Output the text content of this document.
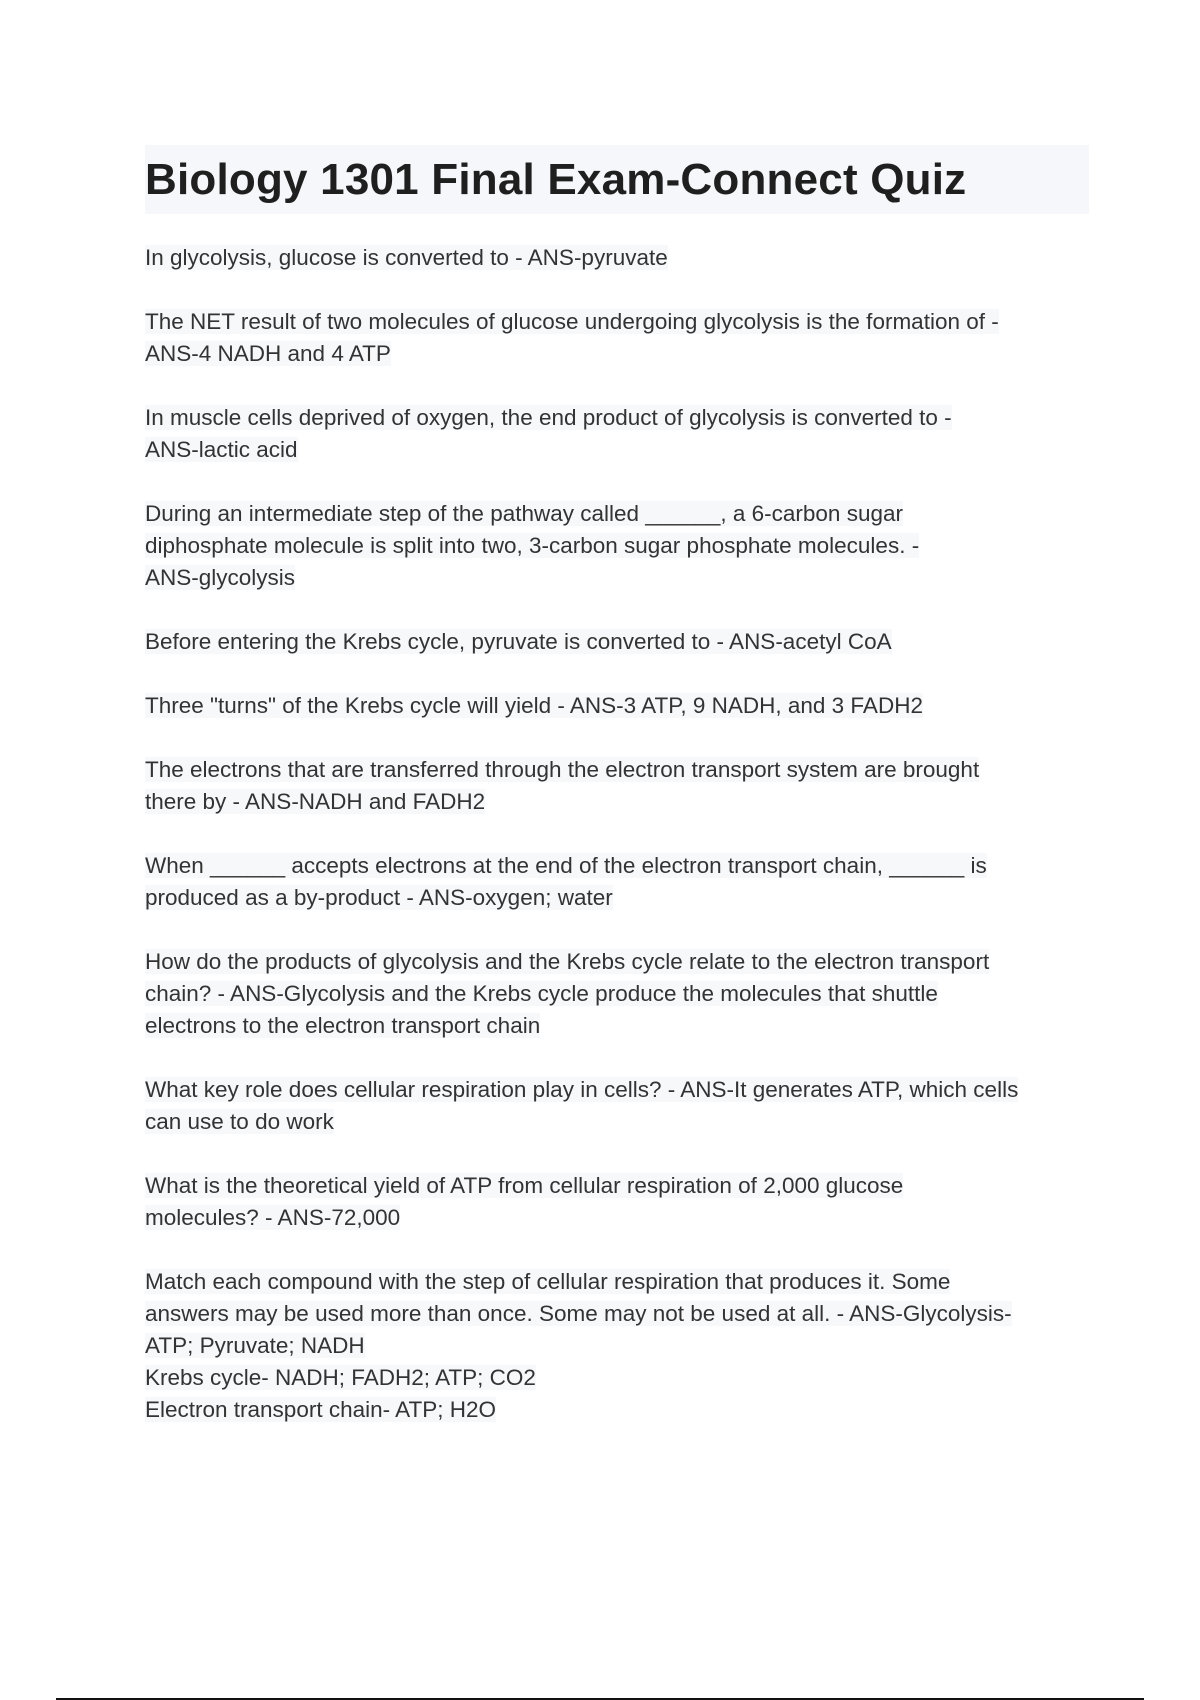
Biology 1301 Final Exam-Connect Quiz

In glycolysis, glucose is converted to - ANS-pyruvate

The NET result of two molecules of glucose undergoing glycolysis is the formation of -
ANS-4 NADH and 4 ATP

In muscle cells deprived of oxygen, the end product of glycolysis is converted to -
ANS-lactic acid

During an intermediate step of the pathway called ______, a 6-carbon sugar
diphosphate molecule is split into two, 3-carbon sugar phosphate molecules. -
ANS-glycolysis

Before entering the Krebs cycle, pyruvate is converted to - ANS-acetyl CoA

Three "turns" of the Krebs cycle will yield - ANS-3 ATP, 9 NADH, and 3 FADH2

The electrons that are transferred through the electron transport system are brought
there by - ANS-NADH and FADH2

When ______ accepts electrons at the end of the electron transport chain, ______ is
produced as a by-product - ANS-oxygen; water

How do the products of glycolysis and the Krebs cycle relate to the electron transport
chain? - ANS-Glycolysis and the Krebs cycle produce the molecules that shuttle
electrons to the electron transport chain

What key role does cellular respiration play in cells? - ANS-It generates ATP, which cells
can use to do work

What is the theoretical yield of ATP from cellular respiration of 2,000 glucose
molecules? - ANS-72,000

Match each compound with the step of cellular respiration that produces it. Some
answers may be used more than once. Some may not be used at all. - ANS-Glycolysis-
ATP; Pyruvate; NADH
Krebs cycle- NADH; FADH2; ATP; CO2
Electron transport chain- ATP; H2O
